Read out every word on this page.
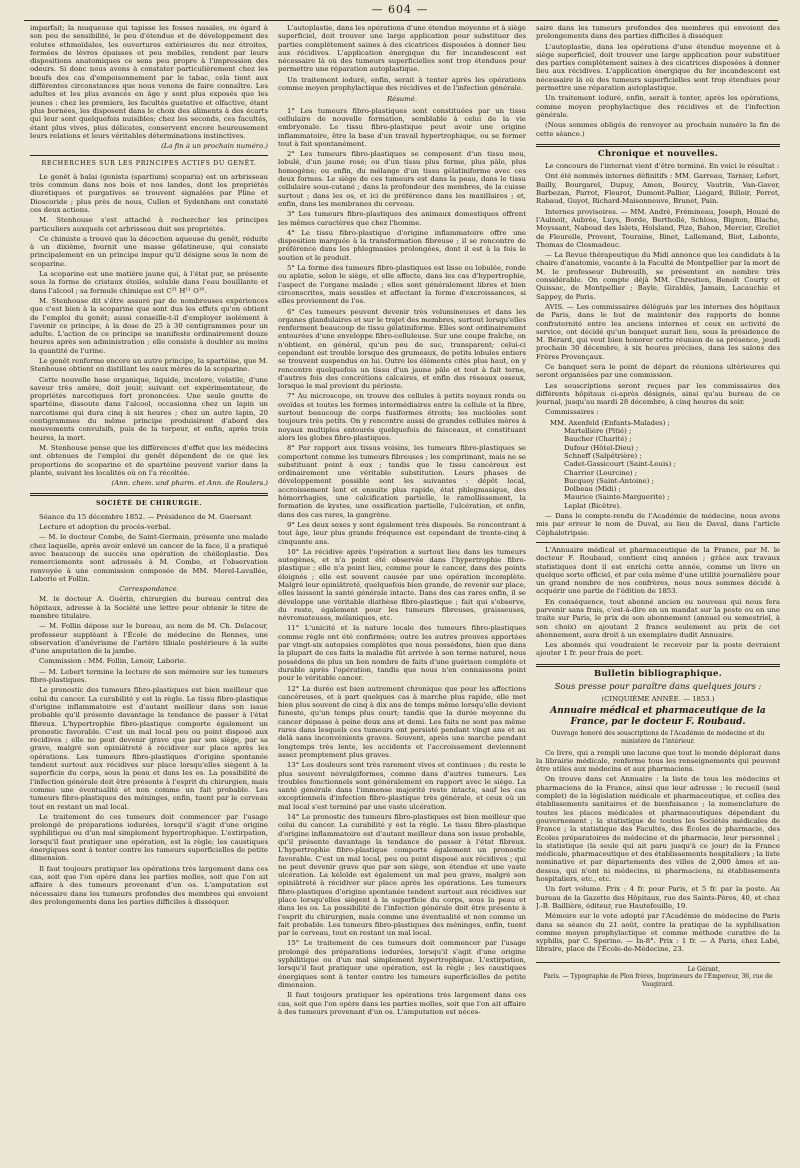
— 604 —

imparfait; la muqueuse qui tapisse les fosses nasales, ou égard à son peu de sensibilité, le peu d'étendue et de développement des volutes ethmoïdales, les ouvertures extérieures du nez étroites, formées de lèvres épaisses et peu mobiles, rendent par leurs dispositions anatomiques ce sens peu propre à l'impression des odeurs. Si donc nous avons à constater particulièrement chez les bœufs des cas d'empoisonnement par le tabac, cela tient aux différentes circonstances que nous venons de faire connaître. Les adultes et les plus avancés en âge y sont plus exposés que les jeunes : chez les premiers, les facultés gustative et olfactive, étant plus bornées, les disposent dans le choix des aliments à des écarts qui leur sont quelquefois nuisibles; chez les seconds, ces facultés, étant plus vives, plus délicates, conservent encore heureusement leurs relations et leurs véritables déterminations instinctives.

(La fin à un prochain numéro.)
RECHERCHES SUR LES PRINCIPES ACTIFS DU GENÊT.

Le genêt à balai (genista (spartium) scoparia) est un arbrisseau très commun dans nos bois et nos landes, dont les propriétés diurétiques et purgatives se trouvent signalées par Pline et Dioscoride ; plus près de nous, Cullen et Sydenham ont constaté ces deux actions.

M. Stenhouse s'est attaché à rechercher les principes particuliers auxquels cet arbrisseau doit ses propriétés.

Ce chimiste a trouvé que la décoction aqueuse du genêt, réduite à un dixième, fournit une masse gélatineuse, qui consiste principalement en un principe impur qu'il désigne sous le nom de scoparine.

La scoparine est une matière jaune qui, à l'état pur, se présente sous la forme de cristaux étoilés, soluble dans l'eau bouillante et dans l'alcool ; sa formule chimique est C²¹ H¹¹ O¹⁰.

M. Stenhouse dit s'être assuré par de nombreuses expériences que c'est bien à la scoparine que sont dus les effets qu'on obtient de l'emploi du genêt; aussi conseille-t-il d'employer isolément à l'avenir ce principe, à la dose de 25 à 30 centigrammes pour un adulte. L'action de ce principe se manifeste ordinairement douze heures après son administration ; elle consiste à doubler au moins la quantité de l'urine.

Le genêt renferme encore un autre principe, la spartéine, que M. Stenhouse obtient en distillant les eaux mères de la scoparine.

Cette nouvelle base organique, liquide, incolore, volatile, d'une saveur très amère, doit jouir, suivant cet expérimentateur, de propriétés narcotiques fort prononcées. Une seule goutte de spartéine, dissoute dans l'alcool, occasionna chez un lapin un narcotisme qui dura cinq à six heures ; chez un autre lapin, 20 centigrammes du même principe produisirent d'abord des mouvements convulsifs, puis de la torpeur, et enfin, après trois heures, la mort.

M. Stenhouse pense que les différences d'effet que les médecins ont obtenues de l'emploi du genêt dépendent de ce que les proportions de scoparine et de spartéine peuvent varier dans la plante, suivant les localités où on l'a récoltée.

(Ann. chem. und pharm. et Ann. de Roulers.)
SOCIÉTÉ DE CHIRURGIE.

Séance du 15 décembre 1852. — Présidence de M. Guersant

Lecture et adoption du procès-verbal.

— M. le docteur Combe, de Saint-Germain, présente une malade chez laquelle, après avoir enlevé un cancer de la face, il a pratiqué avec beaucoup de succès une opération de chéiloplastie. Des remerciements sont adressés à M. Combe, et l'observation renvoyée à une commission composée de MM. Morel-Lavallée, Laborie et Follin.

Correspondance.

M. le docteur A. Guérin, chirurgien du bureau central des hôpitaux, adresse à la Société une lettre pour obtenir le titre de membre titulaire.

— M. Follin dépose sur le bureau, au nom de M. Ch. Delacour, professeur suppléant à l'École de médecine de Rennes, une observation d'anévrisme de l'artère tibiale postérieure à la suite d'une amputation de la jambe.

Commission : MM. Follin, Lenoir, Laborie.

— M. Lebert termine la lecture de son mémoire sur les tumeurs fibro-plastiques.

Le pronostic des tumeurs fibro-plastiques est bien meilleur que celui du cancer. La curabilité y est la règle. Le tissu fibro-plastique d'origine inflammatoire est d'autant meilleur dans son issue probable qu'il présente davantage la tendance de passer à l'état fibreux. L'hypertrophie fibro-plastique comporte également un pronostic favorable. C'est un mal local peu ou point disposé aux récidives ; elle ne peut devenir grave que par son siège, par sa grave, malgré son opiniâtreté à récidiver sur place après les opérations. Les tumeurs fibro-plastiques d'origine spontanée tendent surtout aux récidives sur place lorsqu'elles siègent à la superficie du corps, sous la peau et dans les os. La possibilité de l'infection générale doit être présente à l'esprit du chirurgien, mais comme une éventualité et non comme un fait probable. Les tumeurs fibro-plastiques des méninges, enfin, tuent par le cerveau tout en restant un mal local.

Le traitement de ces tumeurs doit commencer par l'usage prolongé de préparations iodurées, lorsqu'il s'agit d'une origine syphilitique ou d'un mal simplement hypertrophique. L'extirpation, lorsqu'il faut pratiquer une opération, est la règle; les caustiques énergiques sont à tenter contre les tumeurs superficielles de petite dimension.

Il faut toujours pratiquer les opérations très largement dans ces cas, soit que l'on opère dans les parties molles, soit que l'on ait affaire à des tumeurs provenant d'un os. L'amputation est nécessaire dans les tumeurs profondes des membres qui envoient des prolongements dans les parties difficiles à disséquer.

L'autoplastie, dans les opérations d'une étendue moyenne et à siège superficiel, doit trouver une large application pour substituer des parties complètement saines à des cicatrices disposées à donner lieu aux récidives. L'application énergique du fer incandescent est nécessaire là où des tumeurs superficielles sont trop étendues pour permettre une réparation autoplastique.

Un traitement ioduré, enfin, serait à tenter après les opérations comme moyen prophylactique des récidives et de l'infection générale.

Résumé.

1° Les tumeurs fibro-plastiques sont constituées par un tissu cellulaire de nouvelle formation, semblable à celui de la vie embryonale. Le tissu fibro-plastique peut avoir une origine inflammatoire, être la base d'un travail hypertrophique, ou se former tout à fait spontanément.

2° Les tumeurs fibro-plastiques se composent d'un tissu mou, lobulé, d'un jaune rosé; ou d'un tissu plus ferme, plus pâle, plus homogène; ou enfin, du mélange d'un tissu gélatiniforme avec ces deux formes. Le siège de ces tumeurs est dans la peau, dans le tissu cellulaire sous-cutané ; dans la profondeur des membres, de la cuisse surtout ; dans les os, et ici de préférence dans les maxillaires ; et, enfin, dans les membranes du cerveau.

3° Les tumeurs fibro-plastiques des animaux domestiques offrent les mêmes caractères que chez l'homme.

4° Le tissu fibro-plastique d'origine inflammatoire offre une disposition marquée à la transformation fibreuse ; il se rencontre de préférence dans les phlegmasies prolongées, dont il est à la fois le soutien et le produit.

5° La forme des tumeurs fibro-plastiques est lisse ou lobulée, ronde ou aplatie, selon le siège, et elle affecte, dans les cas d'hypertrophie, l'aspect de l'organe malade ; elles sont généralement libres et bien circonscrites, mais sessiles et affectant la forme d'excroissances, si elles proviennent de l'os.

6° Ces tumeurs peuvent devenir très volumineuses et dans les organes glandulaires et sur le trajet des membres, surtout lorsqu'elles renferment beaucoup de tissu gélatiniforme. Elles sont ordinairement entourées d'une enveloppe fibro-celluleuse. Sur une coupe fraîche, on n'obtient, en général, qu'un peu de suc, transparent; celui-ci cependant est trouble lorsque des grumeaux, de petits lobules entiers se trouvent suspendus en lui. Outre les éléments cités plus haut, on y rencontre quelquefois un tissu d'un jaune pâle et tout à fait terne, d'autres fois des concrétions calcaires, et enfin des réseaux osseux, lorsque le mal provient du périoste.

7° Au microscope, on trouve des cellules à petits noyaux ronds ou ovoïdes et toutes les formes intermédiaires entre la cellule et la fibre, surtout beaucoup de corps fusiformes étroits; les nucléoles sont toujours très petits. On y rencontre aussi de grandes cellules mères à noyaux multiples entourés quelquefois de faisceaux, et constituant alors les globes fibro-plastiques.

8° Par rapport aux tissus voisins, les tumeurs fibro-plastiques se comportent comme les tumeurs fibreuses ; les comprimant, mais ne se substituant point à eux ; tandis que le tissu cancéreux est ordinairement une véritable substitution. Leurs phases de développement possible sont les suivantes : dépôt local, accroissement lent et ensuite plus rapide, état phlegmasique, des hémorrhagies, une calcification partielle, le ramollissement, la formation de kystes, une ossification partielle, l'ulcération, et enfin, dans des cas rares, la gangrène.

9° Les deux sexes y sont également très disposés. Se rencontrant à tout âge, leur plus grande fréquence est cependant de trente-cinq à cinquante ans.

10° La récidive après l'opération a surtout lieu dans les tumeurs autogènes, et n'a point été observée dans l'hypertrophie fibro-plastique ; elle n'a point lieu, comme pour le cancer, dans des points éloignés ; elle est souvent causée par une opération incomplète. Malgré leur opiniâtreté, quelquefois bien grande, de revenir sur place, elles laissent la santé générale intacte. Dans des cas rares enfin, il se développe une véritable diathèse fibro-plastique ; fait qui s'observe, du reste, également pour les tumeurs fibreuses, graisseuses, névromateuses, mélaniques, etc.

11° L'unicité et la nature locale des tumeurs fibro-plastiques comme règle ont été confirmées; outre les autres preuves apportées par vingt-six autopsies complètes que nous possédons, bien que dans la plupart de ces faits la maladie fût arrivée à son terme naturel, nous possédons de plus un bon nombre de faits d'une guérison complète et durable après l'opération, tandis que nous n'en connaissons point pour le véritable cancer.

12° La durée est bien autrement chronique que pour les affections cancéreuses, et à part quelques cas à marche plus rapide, elle met bien plus souvent de cinq à dix ans de temps même lorsqu'elle devient funeste, qu'un temps plus court; tandis que la durée moyenne du cancer dépasse à peine deux ans et demi. Les faits ne sont pas même rares dans lesquels ces tumeurs ont persisté pendant vingt ans et au delà sans inconvénients graves. Souvent, après une marche pendant longtemps très lente, les accidents et l'accroissement deviennent assez promptement plus graves.

13° Les douleurs sont très rarement vives et continues ; du reste le plus souvent névralgiformes, comme dans d'autres tumeurs. Les troubles fonctionnels sont généralement en rapport avec le siège. La santé générale dans l'immense majorité reste intacte, sauf les cas exceptionnels d'infection fibro-plastique très générale, et ceux où un mal local s'est terminé par une vaste ulcération.

14° Le pronostic des tumeurs fibro-plastiques est bien meilleur que celui du cancer. La curabilité y est la règle. Le tissu fibro-plastique d'origine inflammatoire est d'autant meilleur dans son issue probable, qu'il présente davantage la tendance de passer à l'état fibreux. L'hypertrophie fibro-plastique comporte également un pronostic favorable. C'est un mal local, peu ou point disposé aux récidives ; qui ne peut devenir grave que par son siège, son étendue et une vaste ulcération. La kéloïde est également un mal peu grave, malgré son opiniâtreté à récidiver sur place après les opérations. Les tumeurs fibro-plastiques d'origine spontanée tendent surtout aux récidives sur place lorsqu'elles siègent à la superficie du corps, sous la peau et dans les os. La possibilité de l'infection générale doit être présente à l'esprit du chirurgien, mais comme une éventualité et non comme un fait probable. Les tumeurs fibro-plastiques des méninges, enfin, tuent par le cerveau, tout en restant un mal local.

15° Le traitement de ces tumeurs doit commencer par l'usage prolongé des préparations iodurées, lorsqu'il s'agit d'une origine syphilitique ou d'un mal simplement hypertrophique. L'extirpation, lorsqu'il faut pratiquer une opération, est la règle ; les caustiques énergiques sont à tenter contre les tumeurs superficielles de petite dimension.

Il faut toujours pratiquer les opérations très largement dans ces cas, soit que l'on opère dans les parties molles, soit que l'on ait affaire à des tumeurs provenant d'un os. L'amputation est néces-

saire dans les tumeurs profondes des membres qui envoient des prolongements dans des parties difficiles à disséquer.

L'autoplastie, dans les opérations d'une étendue moyenne et à siège superficiel, doit trouver une large application pour substituer des parties complètement saines à des cicatrices disposées à donner lieu aux récidives. L'application énergique du fer incandescent est nécessaire là où des tumeurs superficielles sont trop étendues pour permettre une réparation autoplastique.

Un traitement ioduré, enfin, serait à tenter, après les opérations, comme moyen prophylactique des récidives et de l'infection générale.

(Nous sommes obligés de renvoyer au prochain numéro la fin de cette séance.)

Chronique et nouvelles.

Le concours de l'internat vient d'être terminé. En voici le résultat :

Ont été nommés internes définitifs : MM. Garreau, Tarnier, Lefort, Bailly, Bourgarel, Dupuy, Amen, Bourcy, Vautrin, Van-Gaver, Barbezan, Parrot, Fleurot, Dumont-Pallier, Liégard, Billoir, Perret, Rabaud, Guyot, Richard-Maisonneuve, Brunet, Pain.

Internes provisoires. — MM. André, Frémineau, Joseph, Houzé de l'Aulnoit, Aubrée, Luys, Borde, Berthollé, Schloss, Bignon, Blache, Moyssant, Naboud des Islets, Holsland, Pize, Bahon, Mercier, Grellet de Fleurelle, Provent, Touraine, Binet, Lallemand, Biot, Labonte, Thomas de Closmadeuc.

— La Revue thérapeutique du Midi annonce que les candidats à la chaire d'anatomie, vacante à la Faculté de Montpellier par la mort de M. le professeur Dubreuilh, se présentent en nombre très considérable. On compte déjà MM. Chrestien, Benoît Courty et Quissac, de Montpellier ; Bayle, Giraldès, Jamain, Lacauchie et Sappey, de Paris.

AVIS. — Les commissaires délégués par les internes des hôpitaux de Paris, dans le but de maintenir des rapports de bonne confraternité entre les anciens internes et ceux en activité de service, ont décidé qu'un banquet aurait lieu, sous la présidence de M. Bérard, qui veut bien honorer cette réunion de sa présence, jeudi prochain 30 décembre, à six heures précises, dans les salons des Frères Provençaux.

Ce banquet sera le point de départ de réunions ultérieures qui seront organisées par une commission.

Les souscriptions seront reçues par les commissaires des différents hôpitaux ci-après désignés, ainsi qu'au bureau de ce journal, jusqu'au mardi 28 décembre, à cinq heures du soir.

Commissaires :

MM. Axenfeld (Enfants-Malades) ;
Martellière (Pitié) ;
Baucher (Charité) ;
Dufour (Hôtel-Dieu) ;
Schneff (Salpêtrière) ;
Cadet-Gassicourt (Saint-Louis) ;
Charrier (Lourcine) ;
Bucquoy (Saint-Antoine) ;
Dolbeau (Midi) ;
Maurice (Sainte-Marguerite) ;
Leplat (Bicêtre).

— Dans le compte-rendu de l'Académie de médecine, nous avons mis par erreur le nom de Duval, au lieu de Daval, dans l'article Céphalotripsie.

L'Annuaire médical et pharmaceutique de la France, par M. le docteur F. Roubaud, contient cinq années ; grâce aux travaux statistiques dont il est enrichi cette année, comme un livre en quelque sorte officiel, et par cela même d'une utilité journalière pour un grand nombre de nos confrères, nous nous sommes décidé à acquérir une partie de l'édition de 1853.

En conséquence, tout abonné ancien ou nouveau qui nous fera parvenir sans frais, c'est-à-dire en un mandat sur la poste ou en une traite sur Paris, le prix de son abonnement (annuel ou semestriel, à son choix) en ajoutant 2 francs seulement au prix de cet abonnement, aura droit à un exemplaire dudit Annuaire.

Les abonnés qui voudraient le recevoir par la poste devraient ajouter 1 fr. pour frais de port.

Bulletin bibliographique.
Sous presse pour paraître dans quelques jours :
(CINQUIÈME ANNÉE. — 1853.)
Annuaire médical et pharmaceutique de la France, par le docteur F. Roubaud.
Ouvrage honoré des souscriptions de l'Académie de médecine et du ministère de l'intérieur.

Ce livre, qui a rempli une lacune que tout le monde déplorait dans la librairie médicale, renferme tous les renseignements qui peuvent être utiles aux médecins et aux pharmaciens.

On trouve dans cet Annuaire : la liste de tous les médecins et pharmaciens de la France, ainsi que leur adresse ; le recueil (seul complet) de la législation médicale et pharmaceutique, et celles des établissements sanitaires et de bienfaisance ; la nomenclature de toutes les places médicales et pharmaceutiques dépendant du gouvernement ; la statistique de toutes les Sociétés médicales de France ; la statistique des Facultés, des Écoles de pharmacie, des Écoles préparatoires de médecine et de pharmacie, leur personnel ; la statistique (la seule qui ait paru jusqu'à ce jour) de la France médicale, pharmaceutique et des établissements hospitaliers ; la liste nominative et par départements des villes de 2,000 âmes et au-dessus, qui n'ont ni médecins, ni pharmaciens, ni établissements hospitaliers, etc., etc.

Un fort volume. Prix : 4 fr. pour Paris, et 5 fr. par la poste. Au bureau de la Gazette des Hôpitaux, rue des Saints-Pères, 40, et chez J.-B. Baillière, éditeur, rue Hautefeuille, 19.

Mémoire sur le vote adopté par l'Académie de médecine de Paris dans sa séance du 21 août, contre la pratique de la syphilisation comme moyen prophylactique et comme méthode curative de la syphilis, par C. Sperino. — In-8°. Prix : 1 fr. — A Paris, chez Labé, libraire, place de l'École-de-Médecine, 23.

Le Gérant,
Paris. — Typographie de Plon frères, Imprimeurs de l'Empereur, 36, rue de Vaugirard.
